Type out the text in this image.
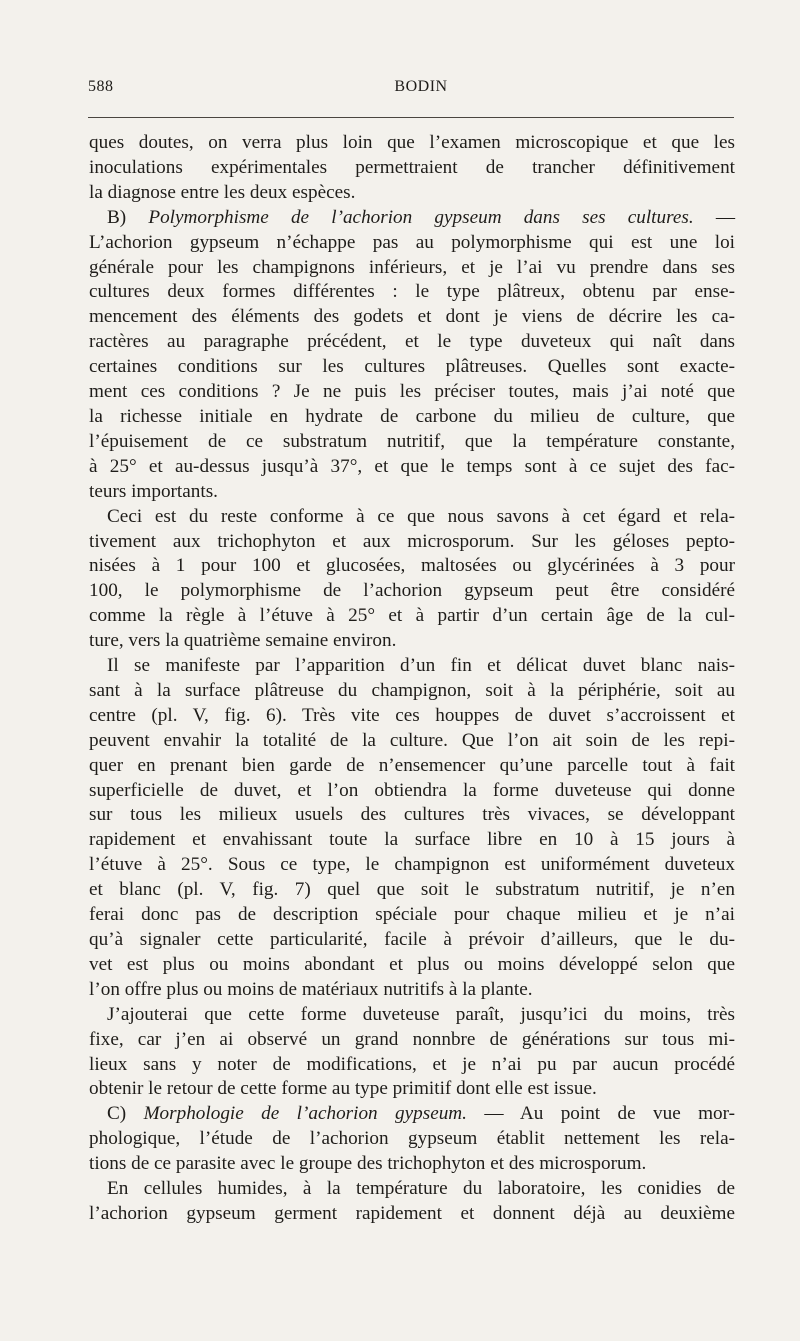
588	BODIN
ques doutes, on verra plus loin que l’examen microscopique et que les
inoculations expérimentales permettraient de trancher définitivement
la diagnose entre les deux espèces.
B) Polymorphisme de l’achorion gypseum dans ses cultures. —
L’achorion gypseum n’échappe pas au polymorphisme qui est une loi
générale pour les champignons inférieurs, et je l’ai vu prendre dans ses
cultures deux formes différentes : le type plâtreux, obtenu par ense-
mencement des éléments des godets et dont je viens de décrire les ca-
ractères au paragraphe précédent, et le type duveteux qui naît dans
certaines conditions sur les cultures plâtreuses. Quelles sont exacte-
ment ces conditions ? Je ne puis les préciser toutes, mais j’ai noté que
la richesse initiale en hydrate de carbone du milieu de culture, que
l’épuisement de ce substratum nutritif, que la température constante,
à 25° et au-dessus jusqu’à 37°, et que le temps sont à ce sujet des fac-
teurs importants.
Ceci est du reste conforme à ce que nous savons à cet égard et rela-
tivement aux trichophyton et aux microsporum. Sur les géloses pepto-
nisées à 1 pour 100 et glucosées, maltosées ou glycérinées à 3 pour
100, le polymorphisme de l’achorion gypseum peut être considéré
comme la règle à l’étuve à 25° et à partir d’un certain âge de la cul-
ture, vers la quatrième semaine environ.
Il se manifeste par l’apparition d’un fin et délicat duvet blanc nais-
sant à la surface plâtreuse du champignon, soit à la périphérie, soit au
centre (pl. V, fig. 6). Très vite ces houppes de duvet s’accroissent et
peuvent envahir la totalité de la culture. Que l’on ait soin de les repi-
quer en prenant bien garde de n’ensemencer qu’une parcelle tout à fait
superficielle de duvet, et l’on obtiendra la forme duveteuse qui donne
sur tous les milieux usuels des cultures très vivaces, se développant
rapidement et envahissant toute la surface libre en 10 à 15 jours à
l’étuve à 25°. Sous ce type, le champignon est uniformément duveteux
et blanc (pl. V, fig. 7) quel que soit le substratum nutritif, je n’en
ferai donc pas de description spéciale pour chaque milieu et je n’ai
qu’à signaler cette particularité, facile à prévoir d’ailleurs, que le du-
vet est plus ou moins abondant et plus ou moins développé selon que
l’on offre plus ou moins de matériaux nutritifs à la plante.
J’ajouterai que cette forme duveteuse paraît, jusqu’ici du moins, très
fixe, car j’en ai observé un grand nonnbre de générations sur tous mi-
lieux sans y noter de modifications, et je n’ai pu par aucun procédé
obtenir le retour de cette forme au type primitif dont elle est issue.
C) Morphologie de l’achorion gypseum. — Au point de vue mor-
phologique, l’étude de l’achorion gypseum établit nettement les rela-
tions de ce parasite avec le groupe des trichophyton et des microsporum.
En cellules humides, à la température du laboratoire, les conidies de
l’achorion gypseum germent rapidement et donnent déjà au deuxième
